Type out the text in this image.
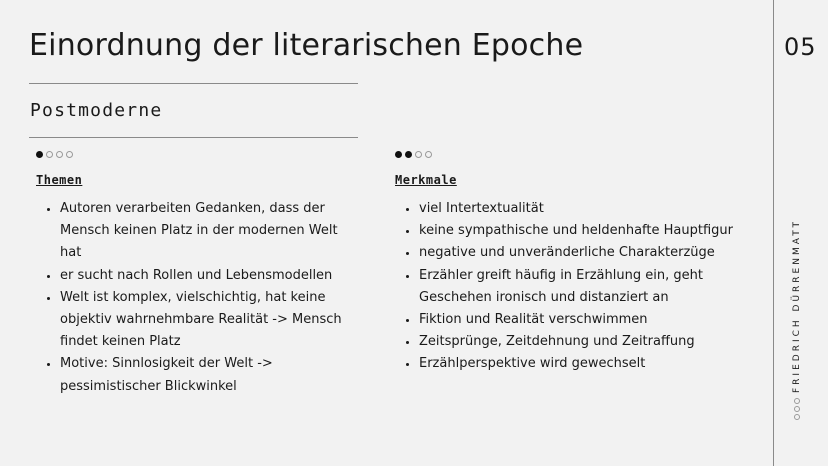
Einordnung der literarischen Epoche
Postmoderne
Themen
• Autoren verarbeiten Gedanken, dass der Mensch keinen Platz in der modernen Welt hat
• er sucht nach Rollen und Lebensmodellen
• Welt ist komplex, vielschichtig, hat keine objektiv wahrnehmbare Realität -> Mensch findet keinen Platz
• Motive: Sinnlosigkeit der Welt -> pessimistischer Blickwinkel
Merkmale
• viel Intertextualität
• keine sympathische und heldenhafte Hauptfigur
• negative und unveränderliche Charakterzüge
• Erzähler greift häufig in Erzählung ein, geht Geschehen ironisch und distanziert an
• Fiktion und Realität verschwimmen
• Zeitsprünge, Zeitdehnung und Zeitraffung
• Erzählperspektive wird gewechselt
05
FRIEDRICH DÜRRENMATT
